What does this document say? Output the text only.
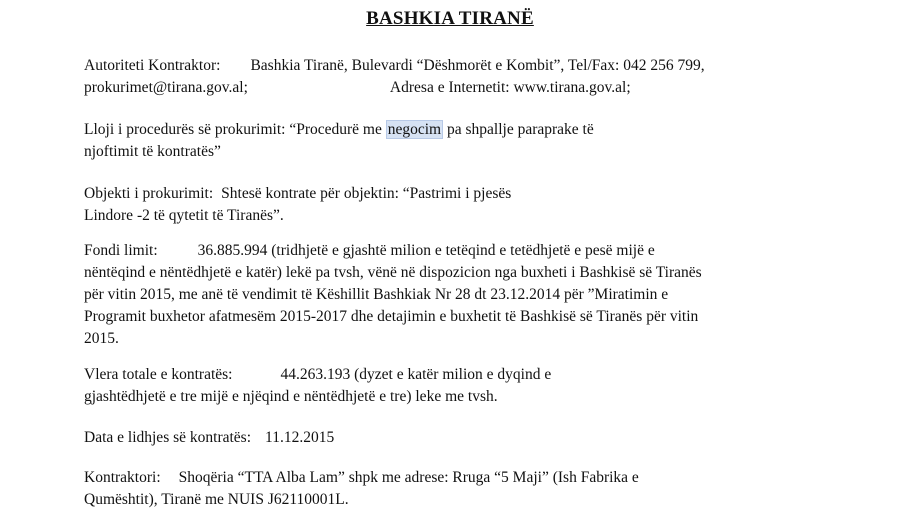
BASHKIA TIRANË
Autoriteti Kontraktor: Bashkia Tiranë, Bulevardi “Dëshmorët e Kombit”, Tel/Fax: 042 256 799,
prokurimet@tirana.gov.al;	Adresa e Internetit: www.tirana.gov.al;
Lloji i procedurës së prokurimit: “Procedurë me negocim pa shpallje paraprake të
njoftimit të kontratës”
Objekti i prokurimit: Shtesë kontrate për objektin: “Pastrimi i pjesës
Lindore -2 të qytetit të Tiranës”.
Fondi limit:	36.885.994 (tridhjetë e gjashtë milion e tetëqind e tetëdhjetë e pesë mijë e
nëntëqind e nëntëdhjetë e katër) lekë pa tvsh, vënë në dispozicion nga buxheti i Bashkisë së Tiranës
për vitin 2015, me anë të vendimit të Këshillit Bashkiak Nr 28 dt 23.12.2014 për ”Miratimin e
Programit buxhetor afatmesëm 2015-2017 dhe detajimin e buxhetit të Bashkisë së Tiranës për vitin
2015.
Vlera totale e kontratës:	44.263.193 (dyzet e katër milion e dyqind e
gjashtëdhjetë e tre mijë e njëqind e nëntëdhjetë e tre) leke me tvsh.
Data e lidhjes së kontratës: 11.12.2015
Kontraktori: Shoqëria “TTA Alba Lam” shpk me adrese: Rruga “5 Maji” (Ish Fabrika e
Qumështit), Tiranë me NUIS J62110001L.
